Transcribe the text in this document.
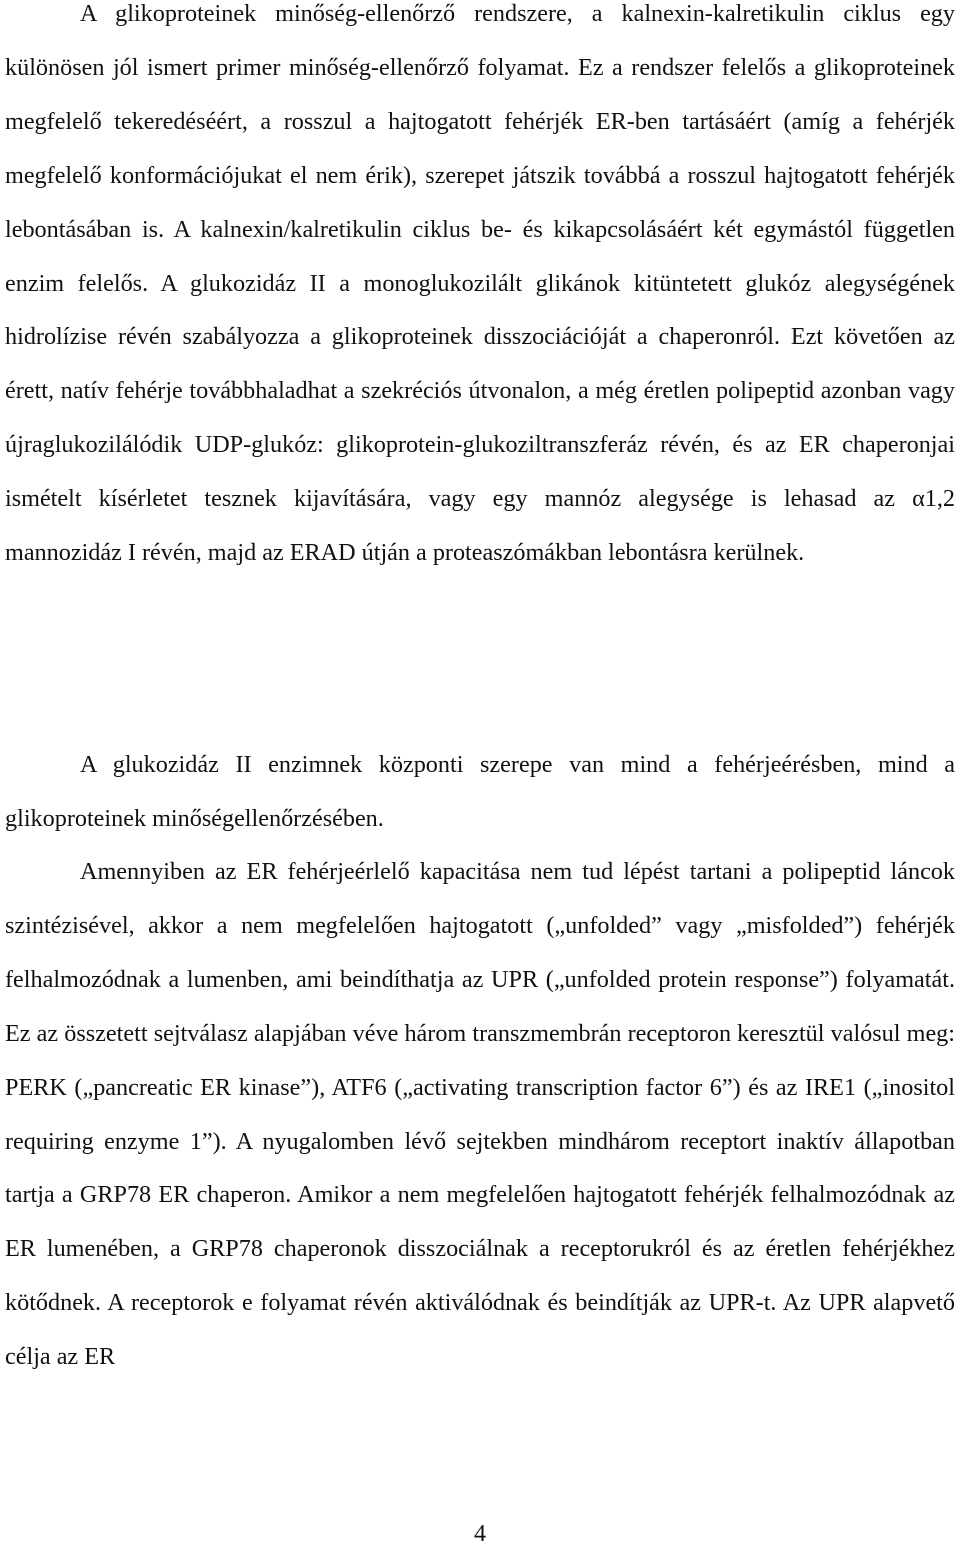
A glikoproteinek minőség-ellenőrző rendszere, a kalnexin-kalretikulin ciklus egy különösen jól ismert primer minőség-ellenőrző folyamat. Ez a rendszer felelős a glikoproteinek megfelelő tekeredéséért, a rosszul a hajtogatott fehérjék ER-ben tartásáért (amíg a fehérjék megfelelő konformációjukat el nem érik), szerepet játszik továbbá a rosszul hajtogatott fehérjék lebontásában is. A kalnexin/kalretikulin ciklus be- és kikapcsolásáért két egymástól független enzim felelős. A glukozidáz II a monoglukozilált glikánok kitüntetett glukóz alegységének hidrolízise révén szabályozza a glikoproteinek disszociációját a chaperonról. Ezt követően az érett, natív fehérje továbbhaladhat a szekréciós útvonalon, a még éretlen polipeptid azonban vagy újraglukozilálódik UDP-glukóz: glikoprotein-glukoziltranszferáz révén, és az ER chaperonjai ismételt kísérletet tesznek kijavítására, vagy egy mannóz alegysége is lehasad az α1,2 mannozidáz I révén, majd az ERAD útján a proteaszómákban lebontásra kerülnek.

A glukozidáz II enzimnek központi szerepe van mind a fehérjeérésben, mind a glikoproteinek minőségellenőrzésében.

Amennyiben az ER fehérjeérlelő kapacitása nem tud lépést tartani a polipeptid láncok szintézisével, akkor a nem megfelelően hajtogatott („unfolded” vagy „misfolded”) fehérjék felhalmozódnak a lumenben, ami beindíthatja az UPR („unfolded protein response”) folyamatát. Ez az összetett sejtválasz alapjában véve három transzmembrán receptoron keresztül valósul meg: PERK („pancreatic ER kinase”), ATF6 („activating transcription factor 6”) és az IRE1 („inositol requiring enzyme 1”). A nyugalomben lévő sejtekben mindhárom receptort inaktív állapotban tartja a GRP78 ER chaperon. Amikor a nem megfelelően hajtogatott fehérjék felhalmozódnak az ER lumenében, a GRP78 chaperonok disszociálnak a receptorukról és az éretlen fehérjékhez kötődnek. A receptorok e folyamat révén aktiválódnak és beindítják az UPR-t. Az UPR alapvető célja az ER

4
